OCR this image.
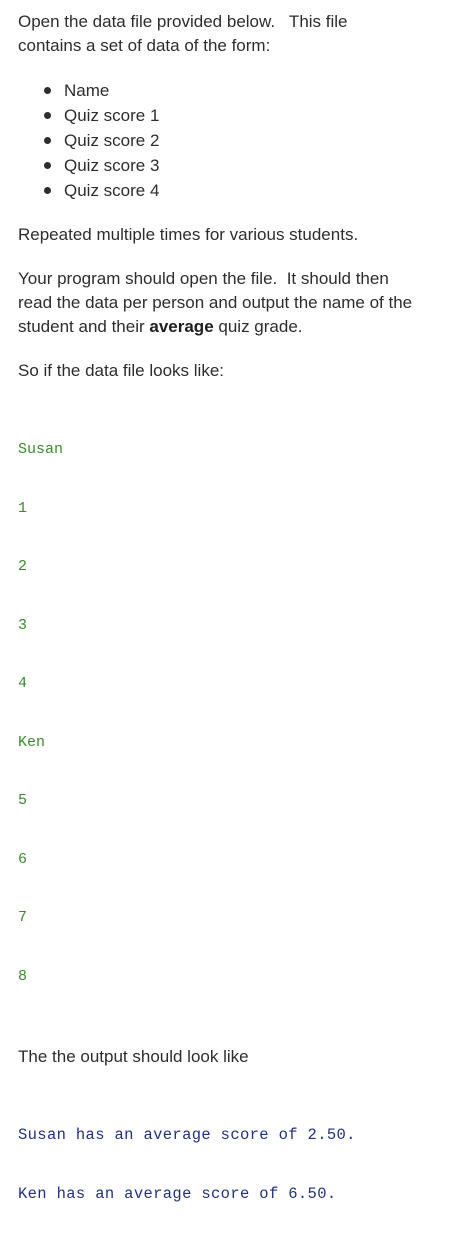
Open the data file provided below.   This file
contains a set of data of the form:

Name
Quiz score 1
Quiz score 2
Quiz score 3
Quiz score 4

Repeated multiple times for various students.

Your program should open the file.  It should then
read the data per person and output the name of the
student and their average quiz grade.

So if the data file looks like:

Susan

1

2

3

4

Ken

5

6

7

8

The the output should look like

Susan has an average score of 2.50.

Ken has an average score of 6.50.
